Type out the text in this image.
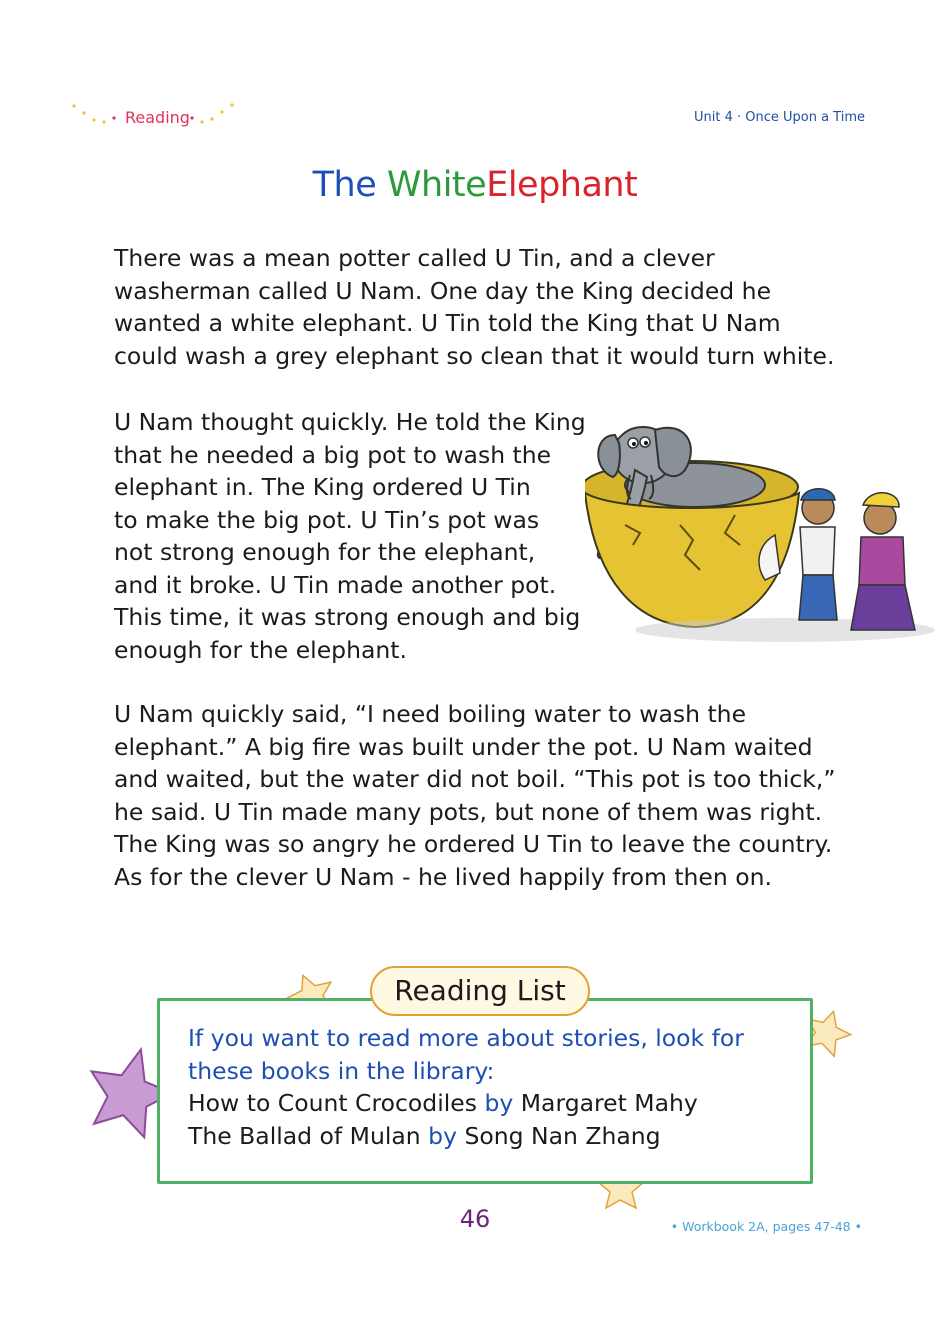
Reading	Unit 4 · Once Upon a Time
The WhiteElephant

There was a mean potter called U Tin, and a clever

washerman called U Nam. One day the King decided he

wanted a white elephant. U Tin told the King that U Nam

could wash a grey elephant so clean that it would turn white.

U Nam thought quickly. He told the King

that he needed a big pot to wash the

elephant in. The King ordered U Tin

to make the big pot. U Tin’s pot was

not strong enough for the elephant,

and it broke. U Tin made another pot.

This time, it was strong enough and big

enough for the elephant.

U Nam quickly said, “I need boiling water to wash the

elephant.” A big fire was built under the pot. U Nam waited

and waited, but the water did not boil. “This pot is too thick,”

he said. U Tin made many pots, but none of them was right.

The King was so angry he ordered U Tin to leave the country.

As for the clever U Nam - he lived happily from then on.

Reading List
If you want to read more about stories, look for
these books in the library:
How to Count Crocodiles by Margaret Mahy
The Ballad of Mulan by Song Nan Zhang
46	• Workbook 2A, pages 47-48 •
